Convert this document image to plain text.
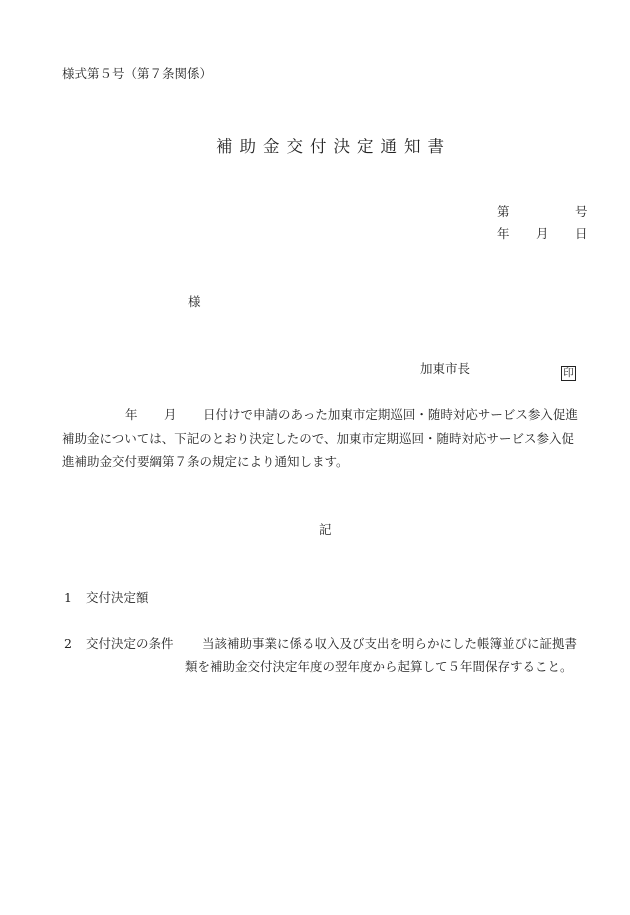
様式第５号（第７条関係）
補助金交付決定通知書
第	号
年 月 日
様
加東市長	印
年 月 日付けで申請のあった加東市定期巡回・随時対応サービス参入促進
補助金については、下記のとおり決定したので、加東市定期巡回・随時対応サービス参入促
進補助金交付要綱第７条の規定により通知します。
記
1 交付決定額
2 交付決定の条件 当該補助事業に係る収入及び支出を明らかにした帳簿並びに証拠書
類を補助金交付決定年度の翌年度から起算して５年間保存すること。
